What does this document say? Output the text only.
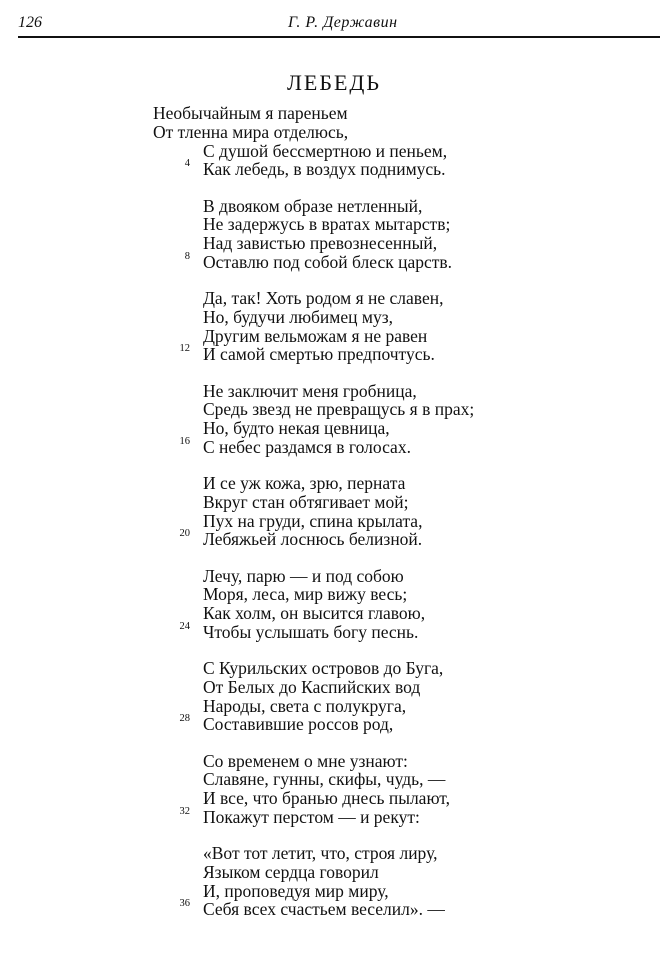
126	Г. Р. Державин
ЛЕБЕДЬ
Необычайным я пареньем
От тленна мира отделюсь,
С душой бессмертною и пеньем,
Как лебедь, в воздух поднимусь.
4
В двояком образе нетленный,
Не задержусь в вратах мытарств;
Над завистью превознесенный,
Оставлю под собой блеск царств.
8
Да, так! Хоть родом я не славен,
Но, будучи любимец муз,
Другим вельможам я не равен
И самой смертью предпочтусь.
12
Не заключит меня гробница,
Средь звезд не превращусь я в прах;
Но, будто некая цевница,
С небес раздамся в голосах.
16
И се уж кожа, зрю, перната
Вкруг стан обтягивает мой;
Пух на груди, спина крылата,
Лебяжьей лоснюсь белизной.
20
Лечу, парю — и под собою
Моря, леса, мир вижу весь;
Как холм, он высится главою,
Чтобы услышать богу песнь.
24
С Курильских островов до Буга,
От Белых до Каспийских вод
Народы, света с полукруга,
Составившие россов род,
28
Со временем о мне узнают:
Славяне, гунны, скифы, чудь, —
И все, что бранью днесь пылают,
Покажут перстом — и рекут:
32
«Вот тот летит, что, строя лиру,
Языком сердца говорил
И, проповедуя мир миру,
Себя всех счастьем веселил». —
36
